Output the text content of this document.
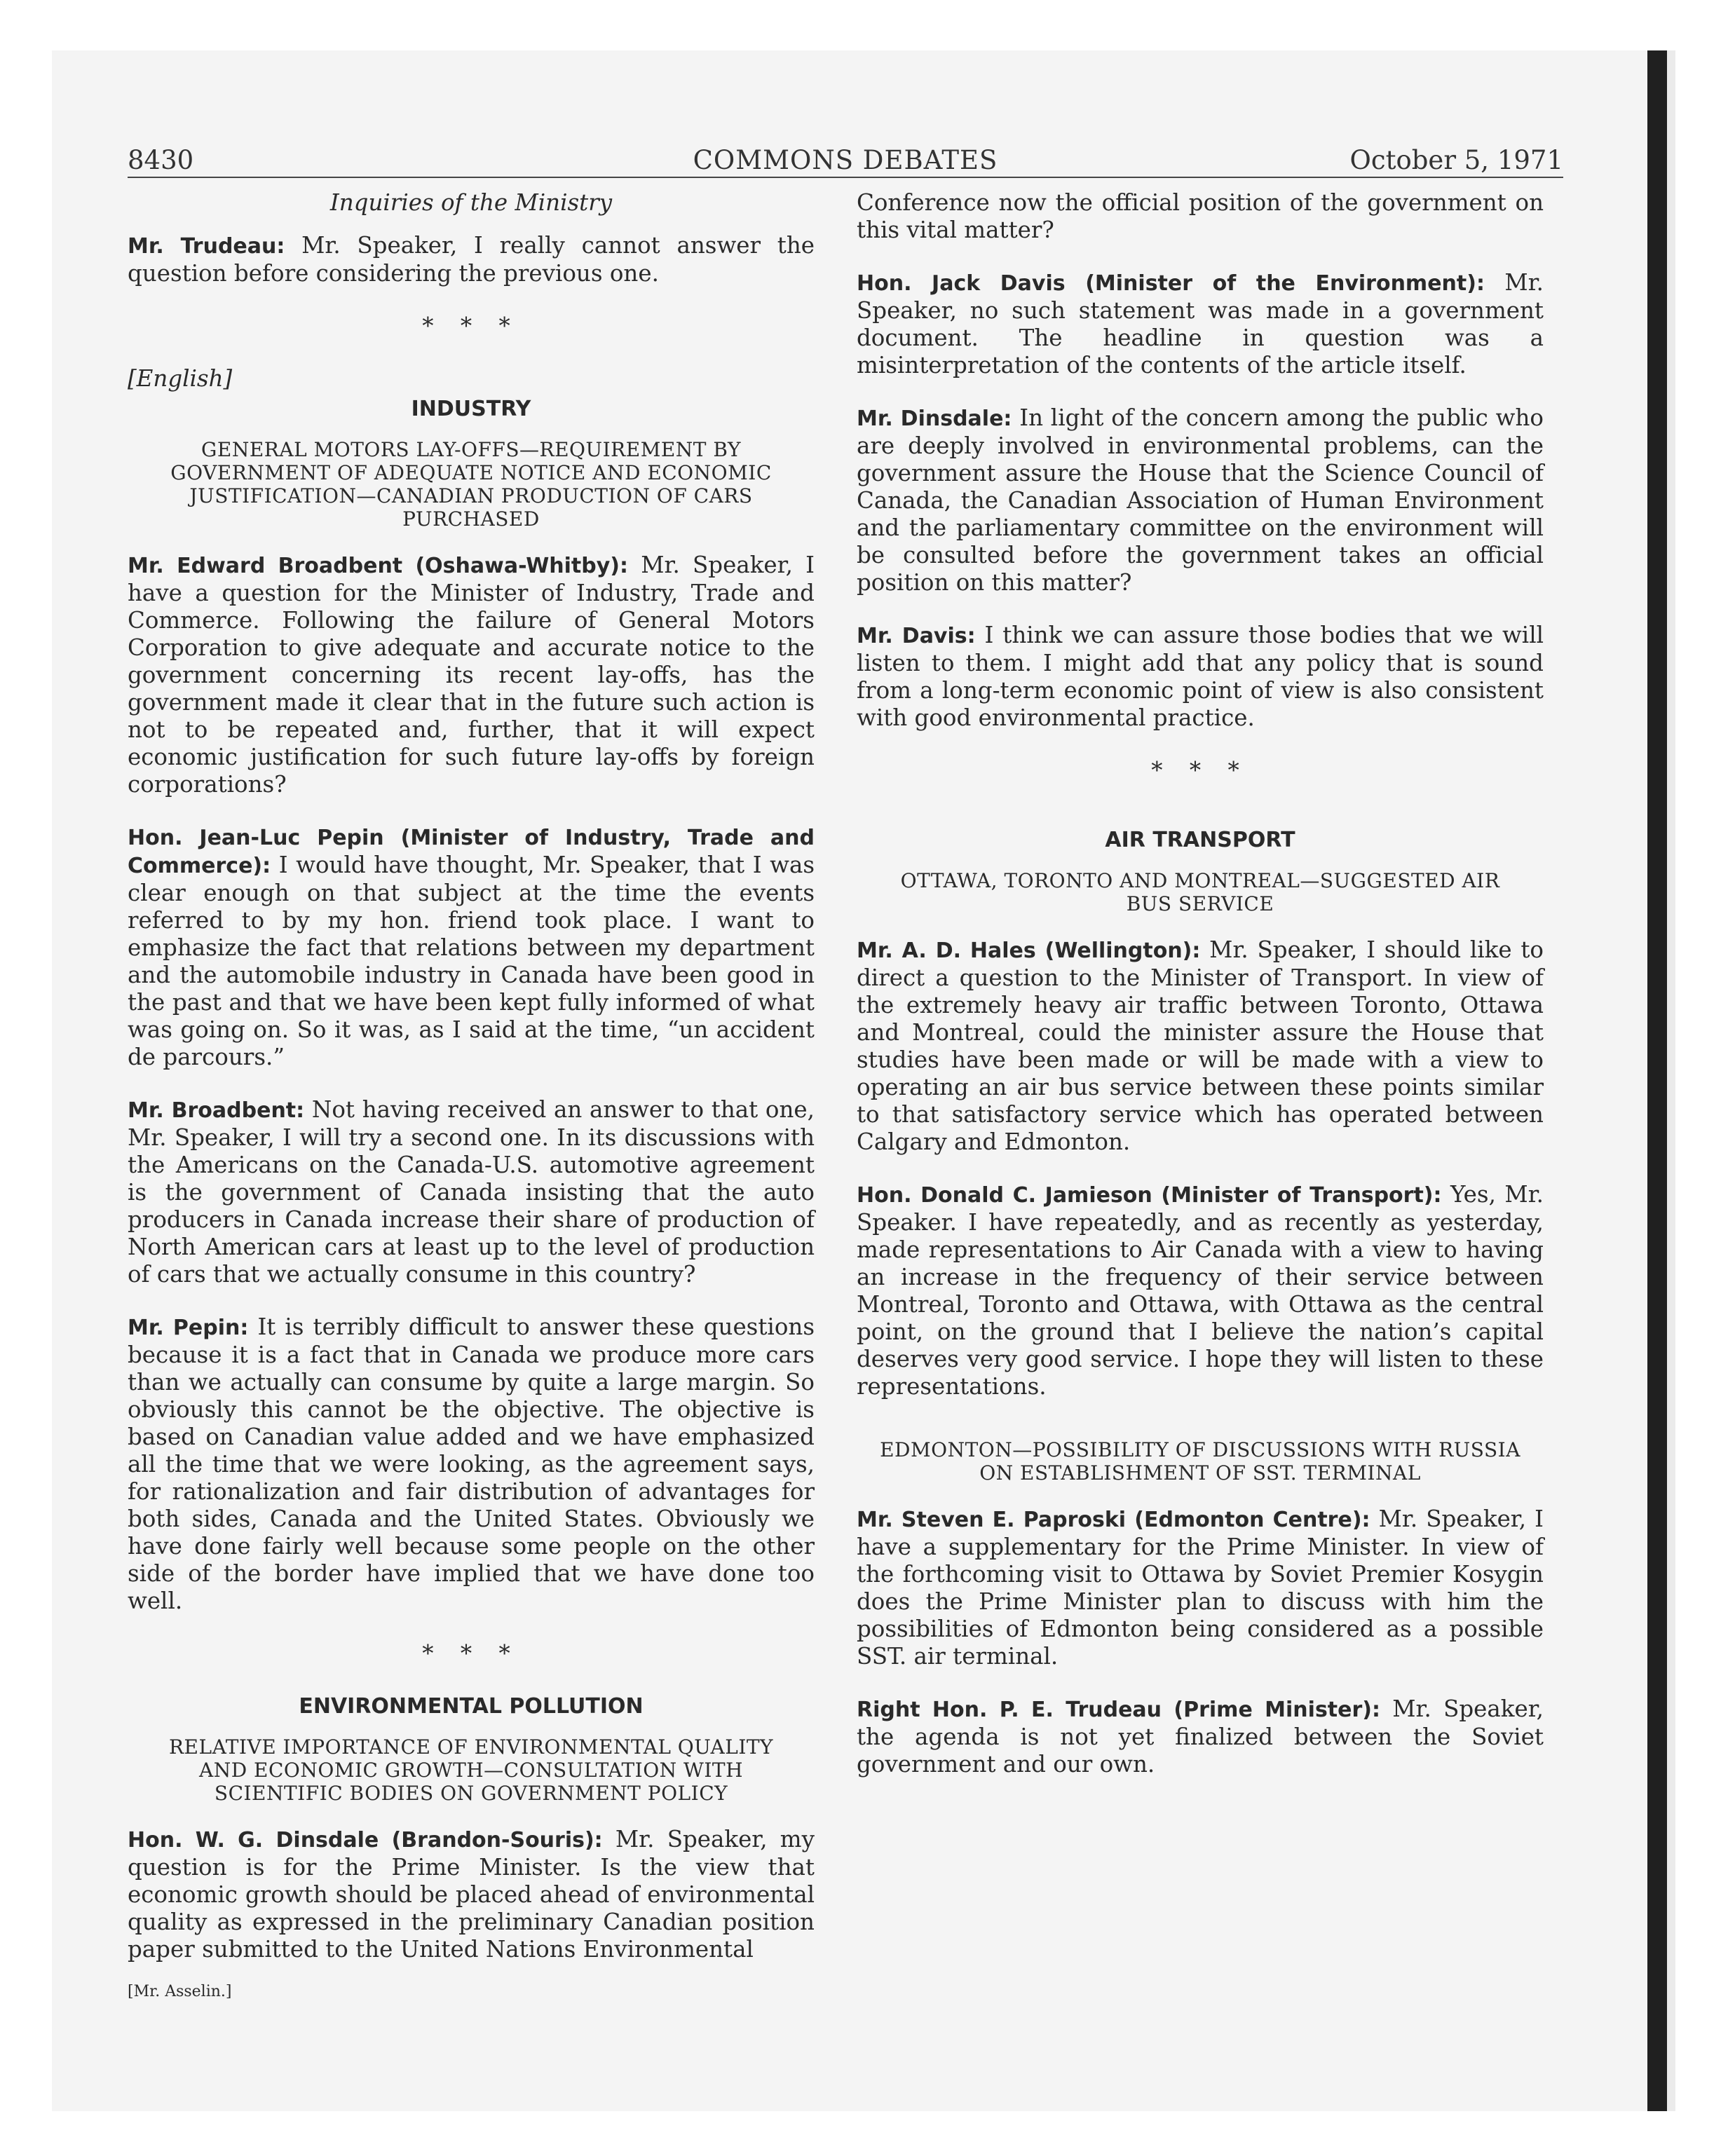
8430	COMMONS DEBATES	October 5, 1971
Inquiries of the Ministry

Mr. Trudeau: Mr. Speaker, I really cannot answer the question before considering the previous one.

* * *
[English]
INDUSTRY
GENERAL MOTORS LAY-OFFS—REQUIREMENT BY GOVERNMENT OF ADEQUATE NOTICE AND ECONOMIC JUSTIFICATION—CANADIAN PRODUCTION OF CARS PURCHASED

Mr. Edward Broadbent (Oshawa-Whitby): Mr. Speaker, I have a question for the Minister of Industry, Trade and Commerce. Following the failure of General Motors Corporation to give adequate and accurate notice to the government concerning its recent lay-offs, has the government made it clear that in the future such action is not to be repeated and, further, that it will expect economic justification for such future lay-offs by foreign corporations?

Hon. Jean-Luc Pepin (Minister of Industry, Trade and Commerce): I would have thought, Mr. Speaker, that I was clear enough on that subject at the time the events referred to by my hon. friend took place. I want to emphasize the fact that relations between my department and the automobile industry in Canada have been good in the past and that we have been kept fully informed of what was going on. So it was, as I said at the time, “un accident de parcours.”

Mr. Broadbent: Not having received an answer to that one, Mr. Speaker, I will try a second one. In its discussions with the Americans on the Canada-U.S. automotive agreement is the government of Canada insisting that the auto producers in Canada increase their share of production of North American cars at least up to the level of production of cars that we actually consume in this country?

Mr. Pepin: It is terribly difficult to answer these questions because it is a fact that in Canada we produce more cars than we actually can consume by quite a large margin. So obviously this cannot be the objective. The objective is based on Canadian value added and we have emphasized all the time that we were looking, as the agreement says, for rationalization and fair distribution of advantages for both sides, Canada and the United States. Obviously we have done fairly well because some people on the other side of the border have implied that we have done too well.

* * *
ENVIRONMENTAL POLLUTION
RELATIVE IMPORTANCE OF ENVIRONMENTAL QUALITY AND ECONOMIC GROWTH—CONSULTATION WITH SCIENTIFIC BODIES ON GOVERNMENT POLICY

Hon. W. G. Dinsdale (Brandon-Souris): Mr. Speaker, my question is for the Prime Minister. Is the view that economic growth should be placed ahead of environmental quality as expressed in the preliminary Canadian position paper submitted to the United Nations Environmental

[Mr. Asselin.]

Conference now the official position of the government on this vital matter?

Hon. Jack Davis (Minister of the Environment): Mr. Speaker, no such statement was made in a government document. The headline in question was a misinterpretation of the contents of the article itself.

Mr. Dinsdale: In light of the concern among the public who are deeply involved in environmental problems, can the government assure the House that the Science Council of Canada, the Canadian Association of Human Environment and the parliamentary committee on the environment will be consulted before the government takes an official position on this matter?

Mr. Davis: I think we can assure those bodies that we will listen to them. I might add that any policy that is sound from a long-term economic point of view is also consistent with good environmental practice.

* * *
AIR TRANSPORT
OTTAWA, TORONTO AND MONTREAL—SUGGESTED AIR BUS SERVICE

Mr. A. D. Hales (Wellington): Mr. Speaker, I should like to direct a question to the Minister of Transport. In view of the extremely heavy air traffic between Toronto, Ottawa and Montreal, could the minister assure the House that studies have been made or will be made with a view to operating an air bus service between these points similar to that satisfactory service which has operated between Calgary and Edmonton.

Hon. Donald C. Jamieson (Minister of Transport): Yes, Mr. Speaker. I have repeatedly, and as recently as yesterday, made representations to Air Canada with a view to having an increase in the frequency of their service between Montreal, Toronto and Ottawa, with Ottawa as the central point, on the ground that I believe the nation’s capital deserves very good service. I hope they will listen to these representations.

EDMONTON—POSSIBILITY OF DISCUSSIONS WITH RUSSIA ON ESTABLISHMENT OF SST. TERMINAL

Mr. Steven E. Paproski (Edmonton Centre): Mr. Speaker, I have a supplementary for the Prime Minister. In view of the forthcoming visit to Ottawa by Soviet Premier Kosygin does the Prime Minister plan to discuss with him the possibilities of Edmonton being considered as a possible SST. air terminal.

Right Hon. P. E. Trudeau (Prime Minister): Mr. Speaker, the agenda is not yet finalized between the Soviet government and our own.
